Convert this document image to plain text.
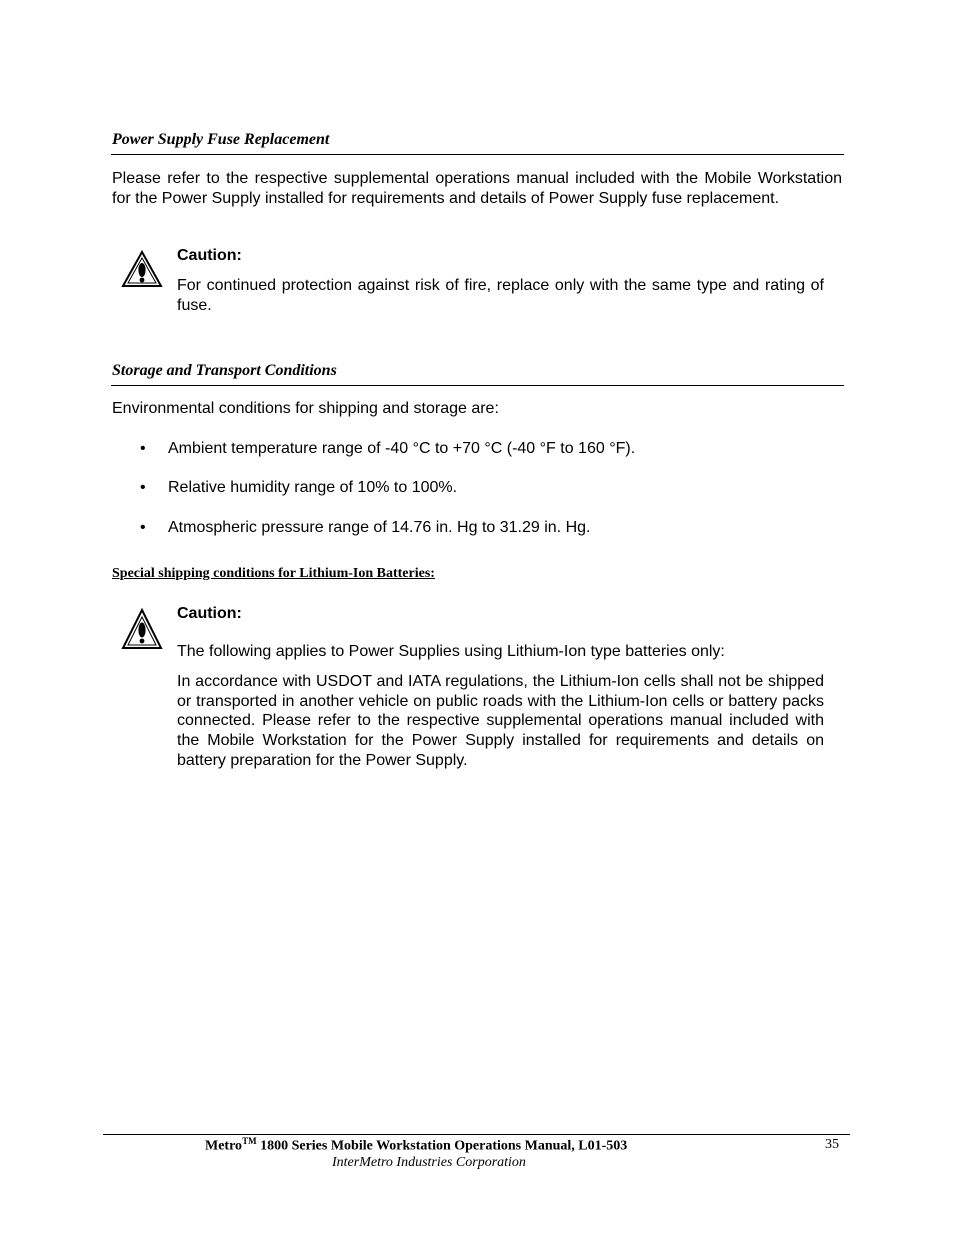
Power Supply Fuse Replacement
Please refer to the respective supplemental operations manual included with the Mobile Workstation for the Power Supply installed for requirements and details of Power Supply fuse replacement.
Caution:
For continued protection against risk of fire, replace only with the same type and rating of fuse.
Storage and Transport Conditions
Environmental conditions for shipping and storage are:
• Ambient temperature range of -40 °C to +70 °C (-40 °F to 160 °F).
• Relative humidity range of 10% to 100%.
• Atmospheric pressure range of 14.76 in. Hg to 31.29 in. Hg.
Special shipping conditions for Lithium-Ion Batteries:
Caution:
The following applies to Power Supplies using Lithium-Ion type batteries only:
In accordance with USDOT and IATA regulations, the Lithium-Ion cells shall not be shipped or transported in another vehicle on public roads with the Lithium-Ion cells or battery packs connected. Please refer to the respective supplemental operations manual included with the Mobile Workstation for the Power Supply installed for requirements and details on battery preparation for the Power Supply.
Metro™ 1800 Series Mobile Workstation Operations Manual, L01-503	35
InterMetro Industries Corporation
